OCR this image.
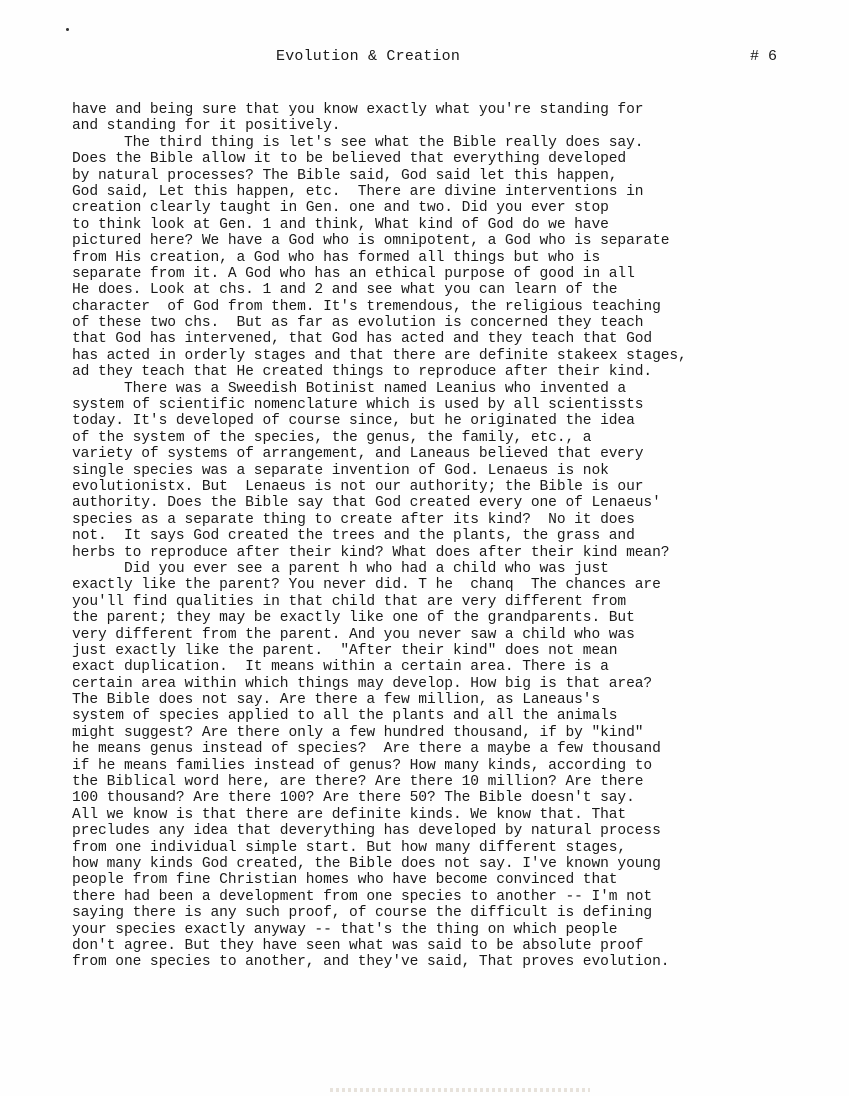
Evolution & Creation	# 6
have and being sure that you know exactly what you're standing for
and standing for it positively.
The third thing is let's see what the Bible really does say.
Does the Bible allow it to be believed that everything developed
by natural processes? The Bible said, God said let this happen,
God said, Let this happen, etc.  There are divine interventions in
creation clearly taught in Gen. one and two. Did you ever stop
to think look at Gen. 1 and think, What kind of God do we have
pictured here? We have a God who is omnipotent, a God who is separate
from His creation, a God who has formed all things but who is
separate from it. A God who has an ethical purpose of good in all
He does. Look at chs. 1 and 2 and see what you can learn of the
character  of God from them. It's tremendous, the religious teaching
of these two chs.  But as far as evolution is concerned they teach
that God has intervened, that God has acted and they teach that God
has acted in orderly stages and that there are definite stakeex stages,
ad they teach that He created things to reproduce after their kind.
There was a Sweedish Botinist named Leanius who invented a
system of scientific nomenclature which is used by all scientissts
today. It's developed of course since, but he originated the idea
of the system of the species, the genus, the family, etc., a
variety of systems of arrangement, and Laneaus believed that every
single species was a separate invention of God. Lenaeus is nok
evolutionistx. But  Lenaeus is not our authority; the Bible is our
authority. Does the Bible say that God created every one of Lenaeus'
species as a separate thing to create after its kind?  No it does
not.  It says God created the trees and the plants, the grass and
herbs to reproduce after their kind? What does after their kind mean?
Did you ever see a parent h who had a child who was just
exactly like the parent? You never did. T he  chanq  The chances are
you'll find qualities in that child that are very different from
the parent; they may be exactly like one of the grandparents. But
very different from the parent. And you never saw a child who was
just exactly like the parent.  "After their kind" does not mean
exact duplication.  It means within a certain area. There is a
certain area within which things may develop. How big is that area?
The Bible does not say. Are there a few million, as Laneaus's
system of species applied to all the plants and all the animals
might suggest? Are there only a few hundred thousand, if by "kind"
he means genus instead of species?  Are there a maybe a few thousand
if he means families instead of genus? How many kinds, according to
the Biblical word here, are there? Are there 10 million? Are there
100 thousand? Are there 100? Are there 50? The Bible doesn't say.
All we know is that there are definite kinds. We know that. That
precludes any idea that deverything has developed by natural process
from one individual simple start. But how many different stages,
how many kinds God created, the Bible does not say. I've known young
people from fine Christian homes who have become convinced that
there had been a development from one species to another -- I'm not
saying there is any such proof, of course the difficult is defining
your species exactly anyway -- that's the thing on which people
don't agree. But they have seen what was said to be absolute proof
from one species to another, and they've said, That proves evolution.
